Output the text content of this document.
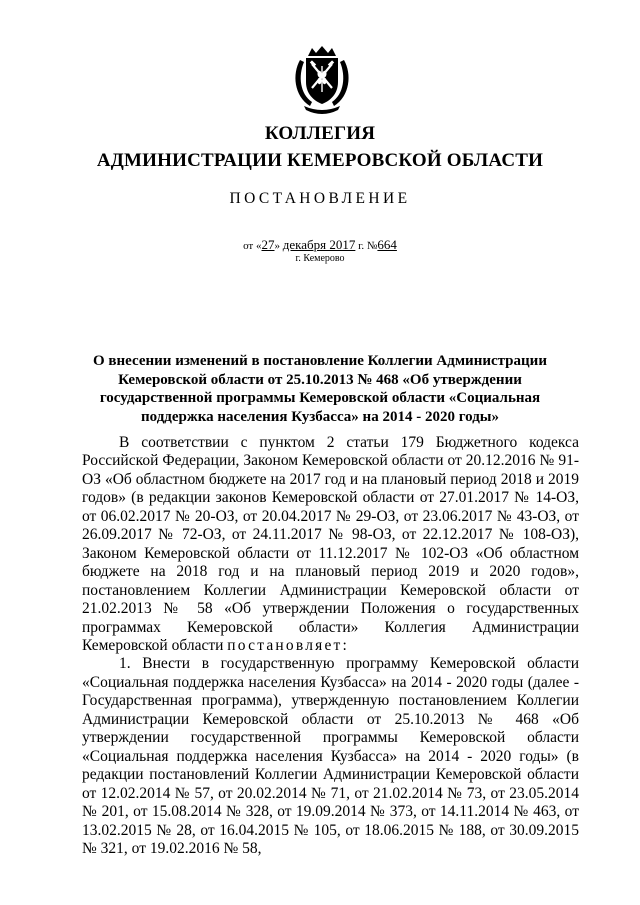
КОЛЛЕГИЯ
АДМИНИСТРАЦИИ КЕМЕРОВСКОЙ ОБЛАСТИ
ПОСТАНОВЛЕНИЕ
от «27» декабря 2017 г. №664
г. Кемерово
О внесении изменений в постановление Коллегии Администрации Кемеровской области от 25.10.2013 № 468 «Об утверждении государственной программы Кемеровской области «Социальная поддержка населения Кузбасса» на 2014 - 2020 годы»

В соответствии с пунктом 2 статьи 179 Бюджетного кодекса Российской Федерации, Законом Кемеровской области от 20.12.2016 № 91-ОЗ «Об областном бюджете на 2017 год и на плановый период 2018 и 2019 годов» (в редакции законов Кемеровской области от 27.01.2017 № 14-ОЗ, от 06.02.2017 № 20-ОЗ, от 20.04.2017 № 29-ОЗ, от 23.06.2017 № 43-ОЗ, от 26.09.2017 № 72-ОЗ, от 24.11.2017 № 98-ОЗ, от 22.12.2017 № 108-ОЗ), Законом Кемеровской области от 11.12.2017 № 102-ОЗ «Об областном бюджете на 2018 год и на плановый период 2019 и 2020 годов», постановлением Коллегии Администрации Кемеровской области от 21.02.2013 № 58 «Об утверждении Положения о государственных программах Кемеровской области» Коллегия Администрации Кемеровской области постановляет:

1. Внести в государственную программу Кемеровской области «Социальная поддержка населения Кузбасса» на 2014 - 2020 годы (далее - Государственная программа), утвержденную постановлением Коллегии Администрации Кемеровской области от 25.10.2013 № 468 «Об утверждении государственной программы Кемеровской области «Социальная поддержка населения Кузбасса» на 2014 - 2020 годы» (в редакции постановлений Коллегии Администрации Кемеровской области от 12.02.2014 № 57, от 20.02.2014 № 71, от 21.02.2014 № 73, от 23.05.2014 № 201, от 15.08.2014 № 328, от 19.09.2014 № 373, от 14.11.2014 № 463, от 13.02.2015 № 28, от 16.04.2015 № 105, от 18.06.2015 № 188, от 30.09.2015 № 321, от 19.02.2016 № 58,
